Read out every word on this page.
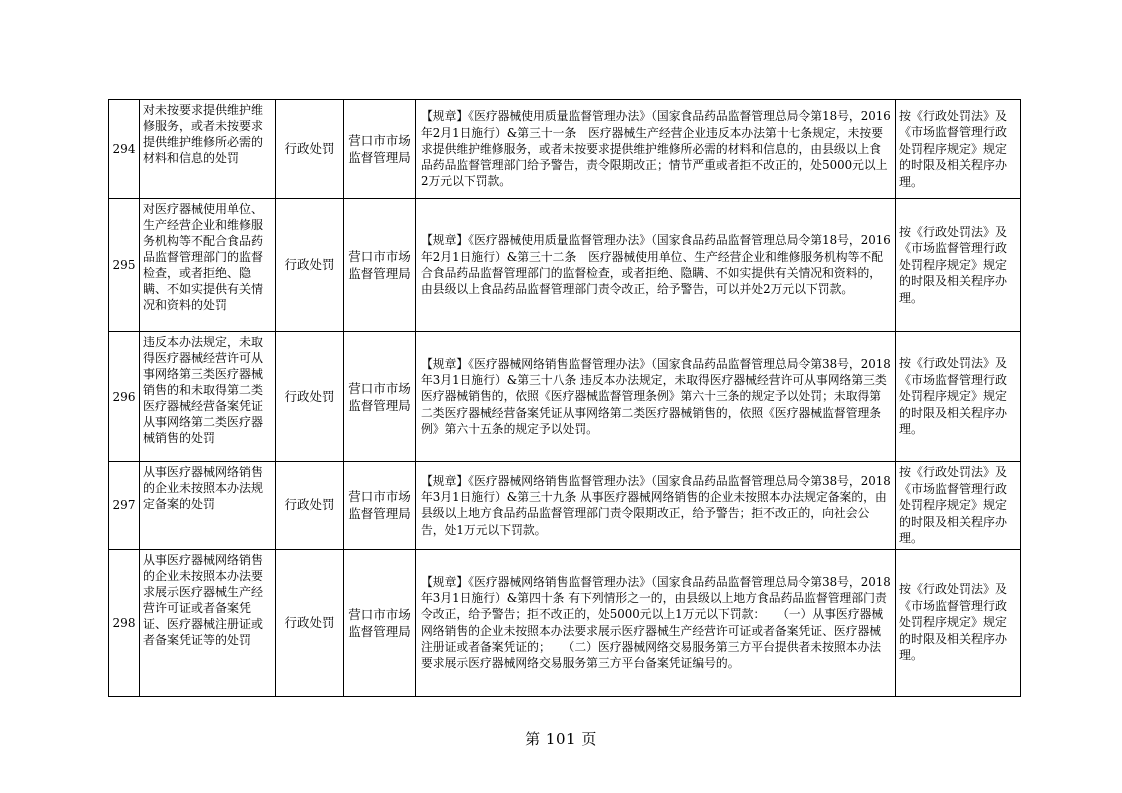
294	对未按要求提供维护维修服务，或者未按要求提供维护维修所必需的材料和信息的处罚	行政处罚	营口市市场监督管理局	【规章】《医疗器械使用质量监督管理办法》（国家食品药品监督管理总局令第18号，2016年2月1日施行）&第三十一条　医疗器械生产经营企业违反本办法第十七条规定，未按要求提供维护维修服务，或者未按要求提供维护维修所必需的材料和信息的，由县级以上食品药品监督管理部门给予警告，责令限期改正；情节严重或者拒不改正的，处5000元以上2万元以下罚款。	按《行政处罚法》及《市场监督管理行政处罚程序规定》规定的时限及相关程序办理。

295	对医疗器械使用单位、生产经营企业和维修服务机构等不配合食品药品监督管理部门的监督检查，或者拒绝、隐瞒、不如实提供有关情况和资料的处罚	行政处罚	营口市市场监督管理局	【规章】《医疗器械使用质量监督管理办法》（国家食品药品监督管理总局令第18号，2016年2月1日施行）&第三十二条　医疗器械使用单位、生产经营企业和维修服务机构等不配合食品药品监督管理部门的监督检查，或者拒绝、隐瞒、不如实提供有关情况和资料的，由县级以上食品药品监督管理部门责令改正，给予警告，可以并处2万元以下罚款。	按《行政处罚法》及《市场监督管理行政处罚程序规定》规定的时限及相关程序办理。

296	违反本办法规定，未取得医疗器械经营许可从事网络第三类医疗器械销售的和未取得第二类医疗器械经营备案凭证从事网络第二类医疗器械销售的处罚	行政处罚	营口市市场监督管理局	【规章】《医疗器械网络销售监督管理办法》（国家食品药品监督管理总局令第38号，2018年3月1日施行）&第三十八条 违反本办法规定，未取得医疗器械经营许可从事网络第三类医疗器械销售的，依照《医疗器械监督管理条例》第六十三条的规定予以处罚；未取得第二类医疗器械经营备案凭证从事网络第二类医疗器械销售的，依照《医疗器械监督管理条例》第六十五条的规定予以处罚。	按《行政处罚法》及《市场监督管理行政处罚程序规定》规定的时限及相关程序办理。

297	从事医疗器械网络销售的企业未按照本办法规定备案的处罚	行政处罚	营口市市场监督管理局	【规章】《医疗器械网络销售监督管理办法》（国家食品药品监督管理总局令第38号，2018年3月1日施行）&第三十九条 从事医疗器械网络销售的企业未按照本办法规定备案的，由县级以上地方食品药品监督管理部门责令限期改正，给予警告；拒不改正的，向社会公告，处1万元以下罚款。	按《行政处罚法》及《市场监督管理行政处罚程序规定》规定的时限及相关程序办理。

298	从事医疗器械网络销售的企业未按照本办法要求展示医疗器械生产经营许可证或者备案凭证、医疗器械注册证或者备案凭证等的处罚	行政处罚	营口市市场监督管理局	【规章】《医疗器械网络销售监督管理办法》（国家食品药品监督管理总局令第38号，2018年3月1日施行）&第四十条 有下列情形之一的，由县级以上地方食品药品监督管理部门责令改正，给予警告；拒不改正的，处5000元以上1万元以下罚款：　　（一）从事医疗器械网络销售的企业未按照本办法要求展示医疗器械生产经营许可证或者备案凭证、医疗器械注册证或者备案凭证的；　　（二）医疗器械网络交易服务第三方平台提供者未按照本办法要求展示医疗器械网络交易服务第三方平台备案凭证编号的。	按《行政处罚法》及《市场监督管理行政处罚程序规定》规定的时限及相关程序办理。
第 101 页
